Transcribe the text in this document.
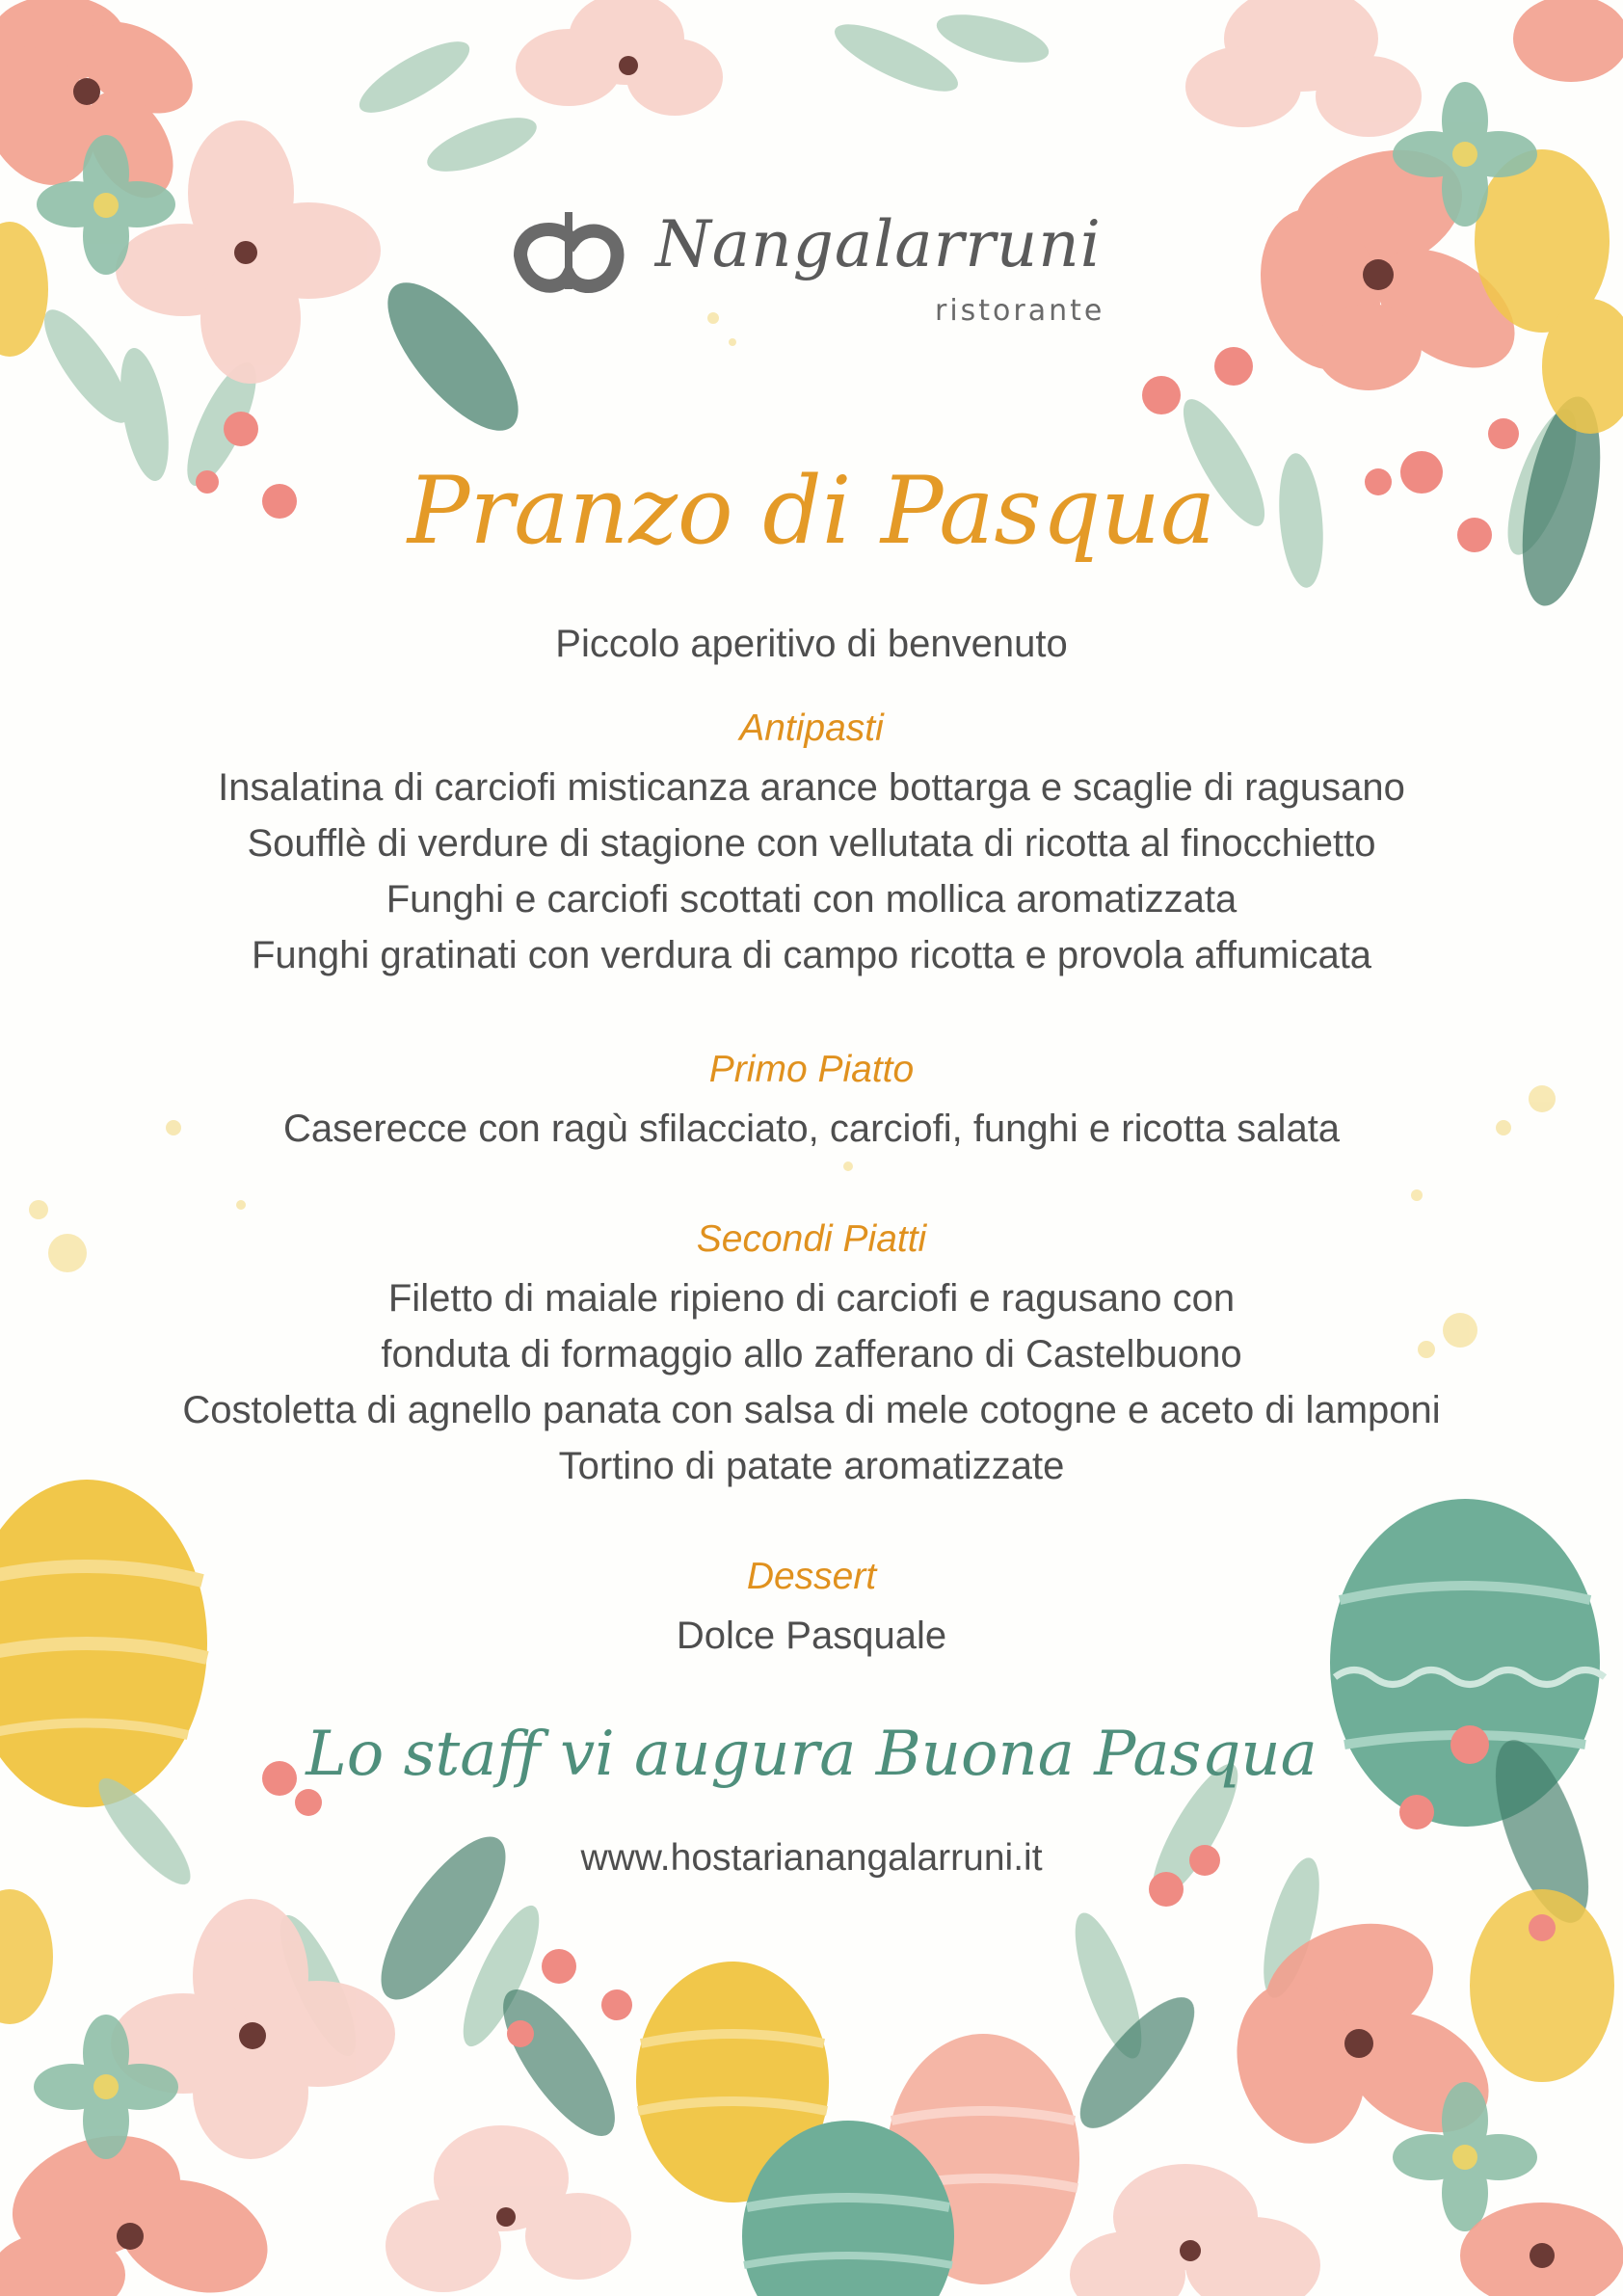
Nangalarruni
ristorante
Pranzo di Pasqua
Piccolo aperitivo di benvenuto
Antipasti
Insalatina di carciofi misticanza arance bottarga e scaglie di ragusano
Soufflè di verdure di stagione con vellutata di ricotta al finocchietto
Funghi e carciofi scottati con mollica aromatizzata
Funghi gratinati con verdura di campo ricotta e provola affumicata
Primo Piatto
Caserecce con ragù sfilacciato, carciofi, funghi e ricotta salata
Secondi Piatti
Filetto di maiale ripieno di carciofi e ragusano con
fonduta di formaggio allo zafferano di Castelbuono
Costoletta di agnello panata con salsa di mele cotogne e aceto di lamponi
Tortino di patate aromatizzate
Dessert
Dolce Pasquale
Lo staff vi augura Buona Pasqua
www.hostarianangalarruni.it
